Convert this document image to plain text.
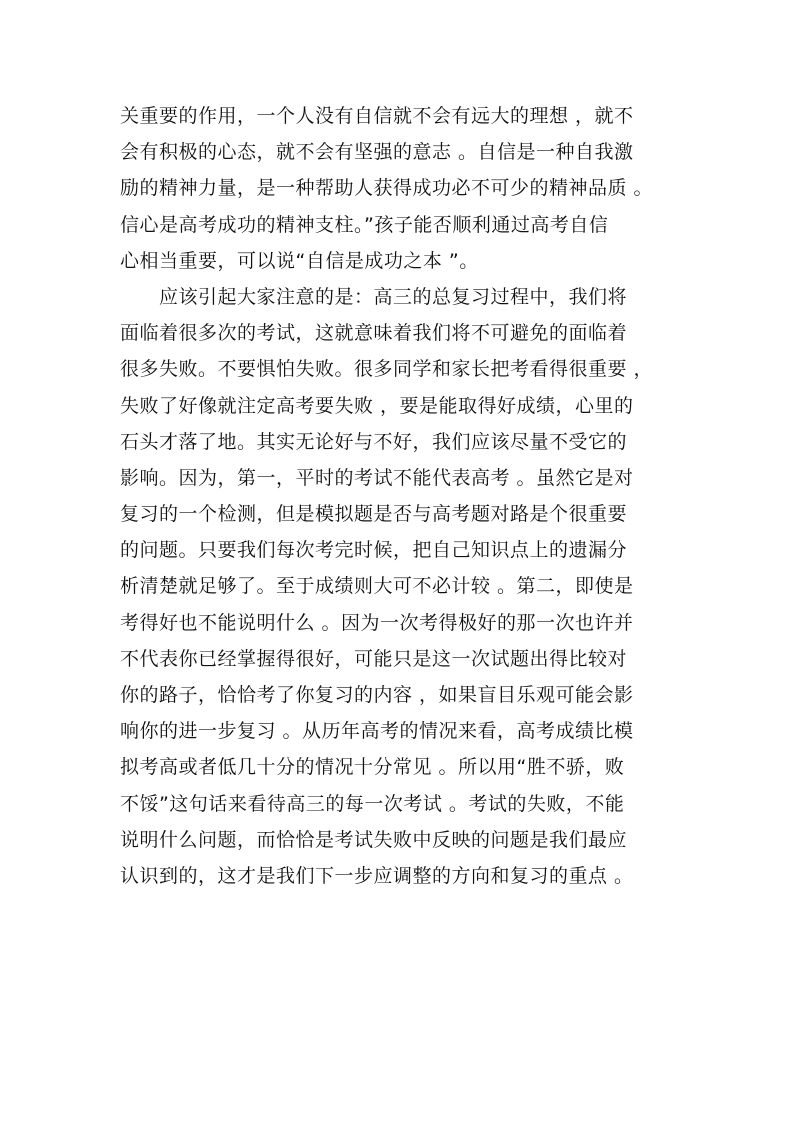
关重要的作用，一个人没有自信就不会有远大的理想 ，就不
会有积极的心态，就不会有坚强的意志 。自信是一种自我激
励的精神力量，是一种帮助人获得成功必不可少的精神品质 。
信心是高考成功的精神支柱。”孩子能否顺利通过高考自信
心相当重要，可以说“自信是成功之本 ”。
　　应该引起大家注意的是：高三的总复习过程中，我们将
面临着很多次的考试，这就意味着我们将不可避免的面临着
很多失败。不要惧怕失败。很多同学和家长把考看得很重要 ，
失败了好像就注定高考要失败 ，要是能取得好成绩，心里的
石头才落了地。其实无论好与不好，我们应该尽量不受它的
影响。因为，第一，平时的考试不能代表高考 。虽然它是对
复习的一个检测，但是模拟题是否与高考题对路是个很重要
的问题。只要我们每次考完时候，把自己知识点上的遗漏分
析清楚就足够了。至于成绩则大可不必计较 。第二，即使是
考得好也不能说明什么 。因为一次考得极好的那一次也许并
不代表你已经掌握得很好，可能只是这一次试题出得比较对
你的路子，恰恰考了你复习的内容 ，如果盲目乐观可能会影
响你的进一步复习 。从历年高考的情况来看，高考成绩比模
拟考高或者低几十分的情况十分常见 。所以用“胜不骄，败
不馁”这句话来看待高三的每一次考试 。考试的失败，不能
说明什么问题，而恰恰是考试失败中反映的问题是我们最应
认识到的，这才是我们下一步应调整的方向和复习的重点 。
